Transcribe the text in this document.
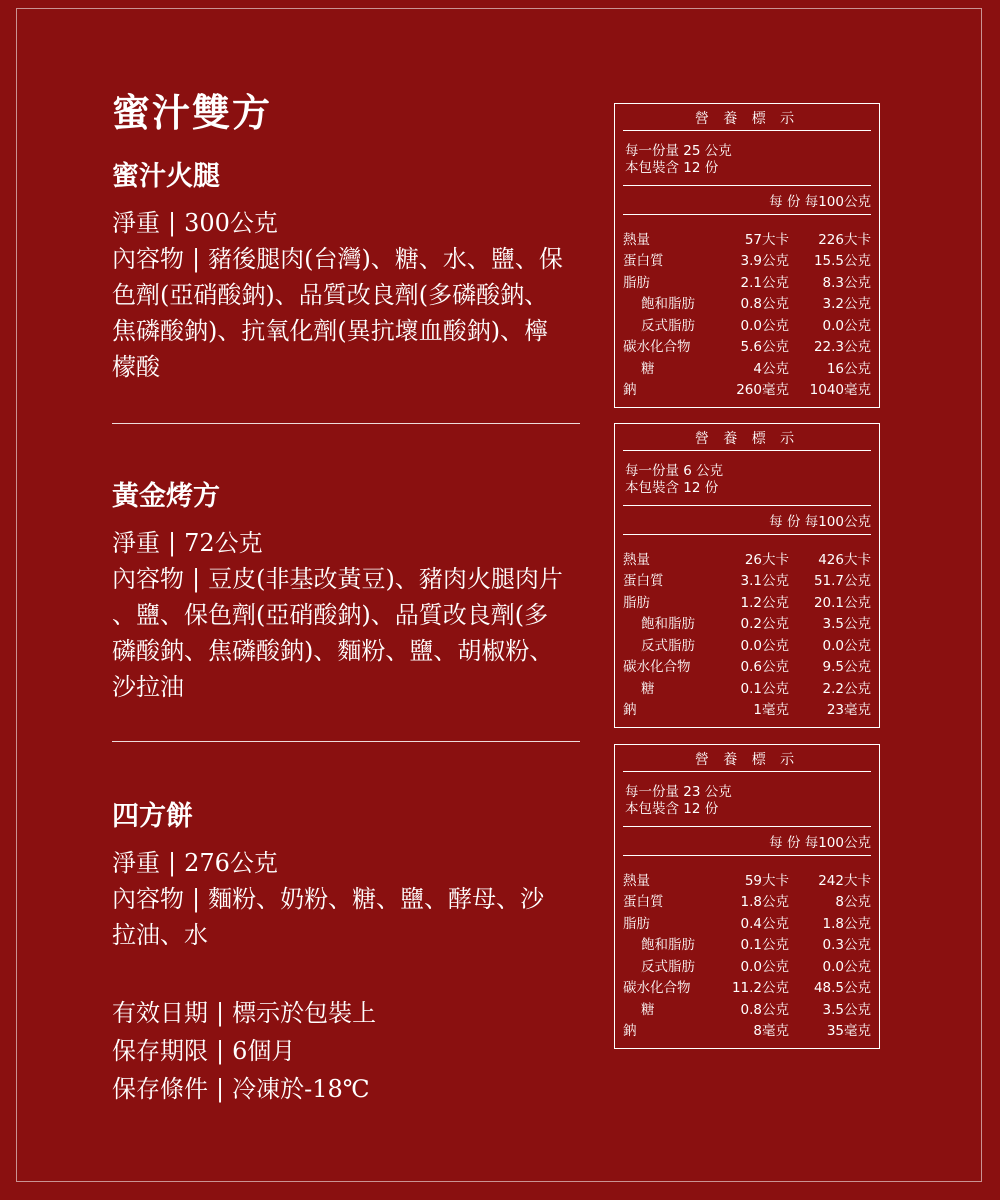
蜜汁雙方
蜜汁火腿
淨重 | 300公克
內容物 | 豬後腿肉(台灣)、糖、水、鹽、保
色劑(亞硝酸鈉)、品質改良劑(多磷酸鈉、
焦磷酸鈉)、抗氧化劑(異抗壞血酸鈉)、檸
檬酸
黃金烤方
淨重 | 72公克
內容物 | 豆皮(非基改黃豆)、豬肉火腿肉片
、鹽、保色劑(亞硝酸鈉)、品質改良劑(多
磷酸鈉、焦磷酸鈉)、麵粉、鹽、胡椒粉、
沙拉油
四方餅
淨重 | 276公克
內容物 | 麵粉、奶粉、糖、鹽、酵母、沙
拉油、水
有效日期 | 標示於包裝上
保存期限 | 6個月
保存條件 | 冷凍於-18℃
營 養 標 示
每一份量 25 公克
本包裝含 12 份
每 份 每100公克
熱量	57大卡	226大卡
蛋白質	3.9公克	15.5公克
脂肪	2.1公克	8.3公克
飽和脂肪	0.8公克	3.2公克
反式脂肪	0.0公克	0.0公克
碳水化合物	5.6公克	22.3公克
糖	4公克	16公克
鈉	260毫克	1040毫克
營 養 標 示
每一份量 6 公克
本包裝含 12 份
每 份 每100公克
熱量	26大卡	426大卡
蛋白質	3.1公克	51.7公克
脂肪	1.2公克	20.1公克
飽和脂肪	0.2公克	3.5公克
反式脂肪	0.0公克	0.0公克
碳水化合物	0.6公克	9.5公克
糖	0.1公克	2.2公克
鈉	1毫克	23毫克
營 養 標 示
每一份量 23 公克
本包裝含 12 份
每 份 每100公克
熱量	59大卡	242大卡
蛋白質	1.8公克	8公克
脂肪	0.4公克	1.8公克
飽和脂肪	0.1公克	0.3公克
反式脂肪	0.0公克	0.0公克
碳水化合物	11.2公克	48.5公克
糖	0.8公克	3.5公克
鈉	8毫克	35毫克
